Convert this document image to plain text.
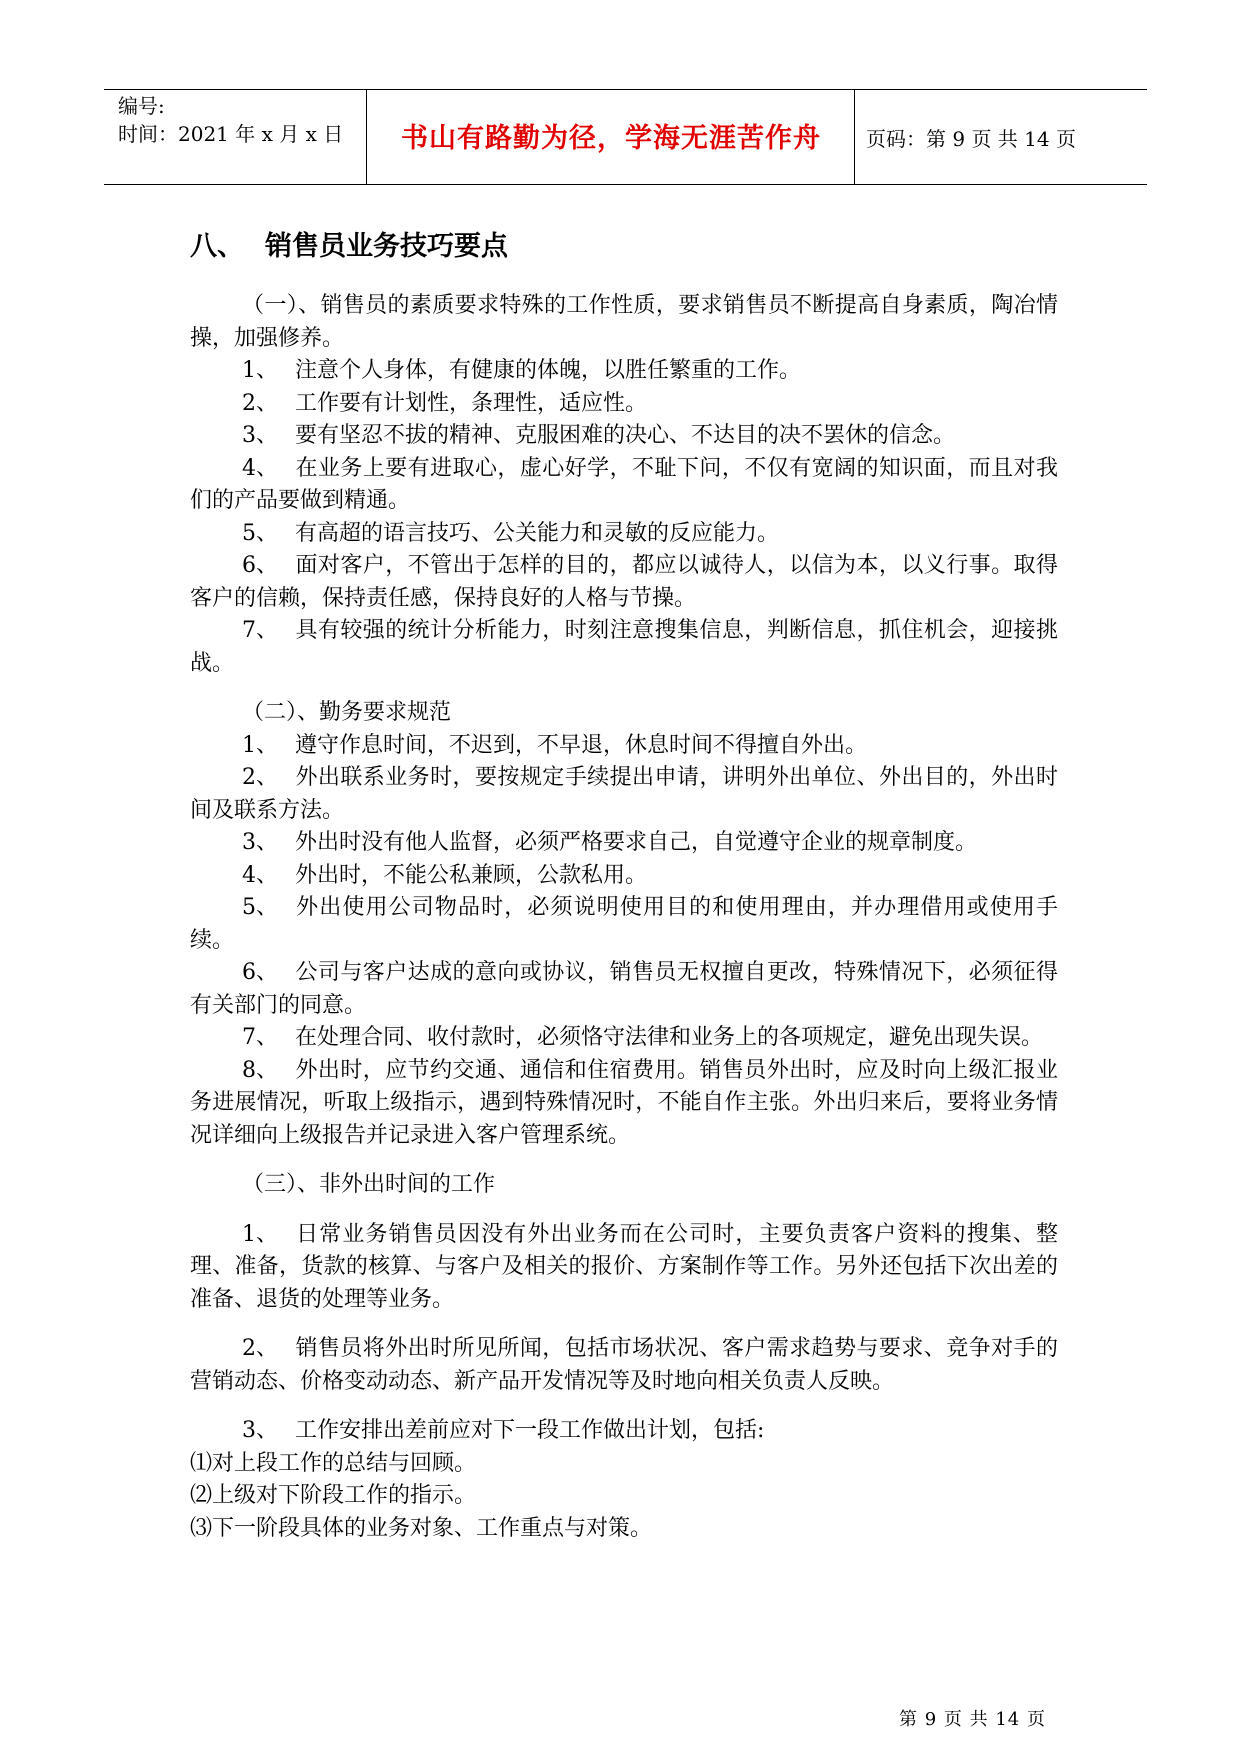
编号:
时间：2021 年 x 月 x 日	书山有路勤为径，学海无涯苦作舟	页码：第 9 页 共 14 页
八、 销售员业务技巧要点

（一）、销售员的素质要求特殊的工作性质，要求销售员不断提高自身素质，陶冶情操，加强修养。

1、 注意个人身体，有健康的体魄，以胜任繁重的工作。

2、 工作要有计划性，条理性，适应性。

3、 要有坚忍不拔的精神、克服困难的决心、不达目的决不罢休的信念。

4、 在业务上要有进取心，虚心好学，不耻下问，不仅有宽阔的知识面，而且对我们的产品要做到精通。

5、 有高超的语言技巧、公关能力和灵敏的反应能力。

6、 面对客户，不管出于怎样的目的，都应以诚待人，以信为本，以义行事。取得客户的信赖，保持责任感，保持良好的人格与节操。

7、 具有较强的统计分析能力，时刻注意搜集信息，判断信息，抓住机会，迎接挑战。

（二）、勤务要求规范

1、 遵守作息时间，不迟到，不早退，休息时间不得擅自外出。

2、 外出联系业务时，要按规定手续提出申请，讲明外出单位、外出目的，外出时间及联系方法。

3、 外出时没有他人监督，必须严格要求自己，自觉遵守企业的规章制度。

4、 外出时，不能公私兼顾，公款私用。

5、 外出使用公司物品时，必须说明使用目的和使用理由，并办理借用或使用手续。

6、 公司与客户达成的意向或协议，销售员无权擅自更改，特殊情况下，必须征得有关部门的同意。

7、 在处理合同、收付款时，必须恪守法律和业务上的各项规定，避免出现失误。

8、 外出时，应节约交通、通信和住宿费用。销售员外出时，应及时向上级汇报业务进展情况，听取上级指示，遇到特殊情况时，不能自作主张。外出归来后，要将业务情况详细向上级报告并记录进入客户管理系统。

（三）、非外出时间的工作

1、 日常业务销售员因没有外出业务而在公司时，主要负责客户资料的搜集、整理、准备，货款的核算、与客户及相关的报价、方案制作等工作。另外还包括下次出差的准备、退货的处理等业务。

2、 销售员将外出时所见所闻，包括市场状况、客户需求趋势与要求、竞争对手的营销动态、价格变动动态、新产品开发情况等及时地向相关负责人反映。

3、 工作安排出差前应对下一段工作做出计划，包括:

⑴对上段工作的总结与回顾。

⑵上级对下阶段工作的指示。

⑶下一阶段具体的业务对象、工作重点与对策。

第 9 页 共 14 页
